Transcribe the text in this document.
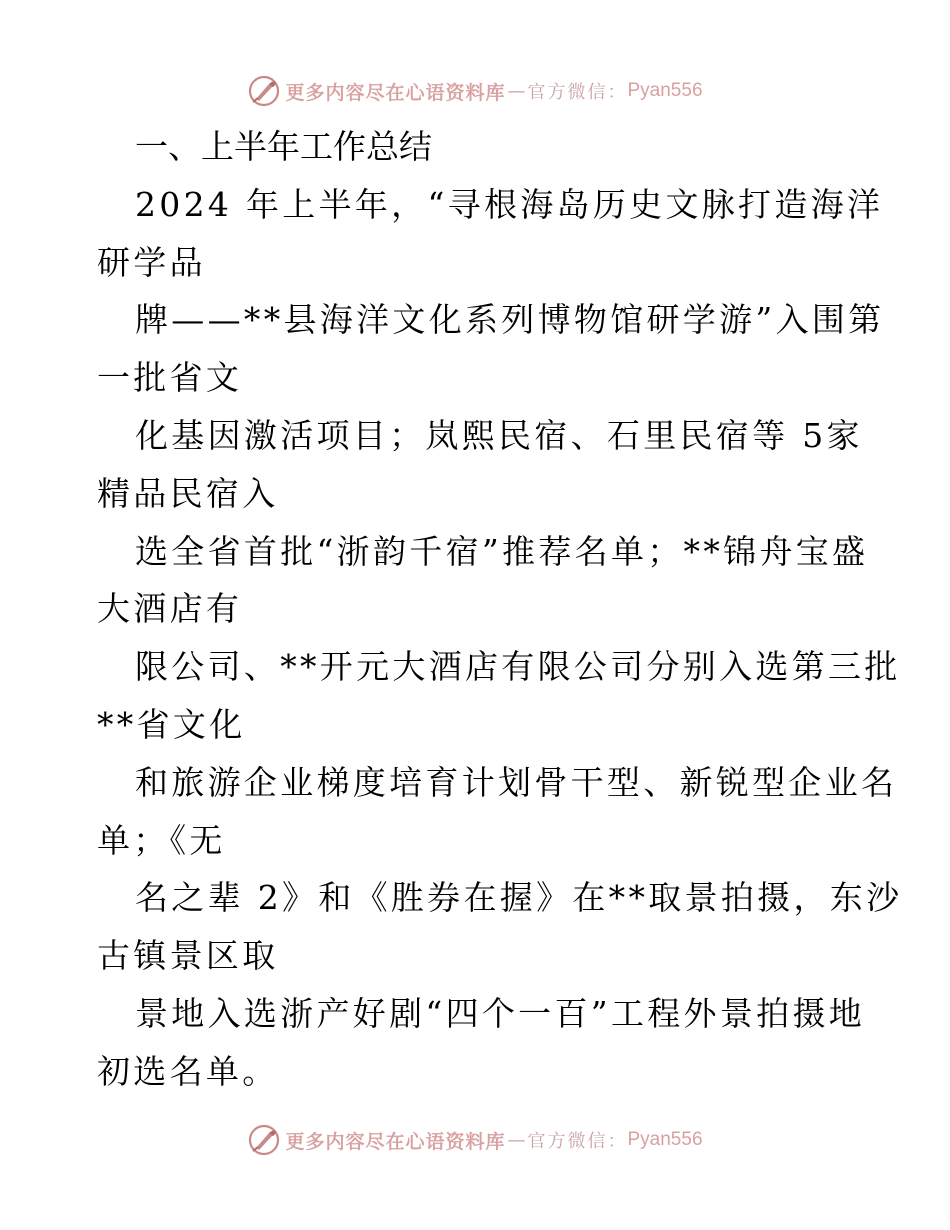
更多内容尽在心语资料库 — 官方微信： Pyan556
一、上半年工作总结
2024 年上半年，“寻根海岛历史文脉打造海洋
研学品
牌——**县海洋文化系列博物馆研学游”入围第
一批省文
化基因激活项目；岚熙民宿、石里民宿等 5家
精品民宿入
选全省首批“浙韵千宿”推荐名单；**锦舟宝盛
大酒店有
限公司、**开元大酒店有限公司分别入选第三批
**省文化
和旅游企业梯度培育计划骨干型、新锐型企业名
单；《无
名之辈 2》和《胜券在握》在**取景拍摄，东沙
古镇景区取
景地入选浙产好剧“四个一百”工程外景拍摄地
初选名单。
更多内容尽在心语资料库 — 官方微信： Pyan556
